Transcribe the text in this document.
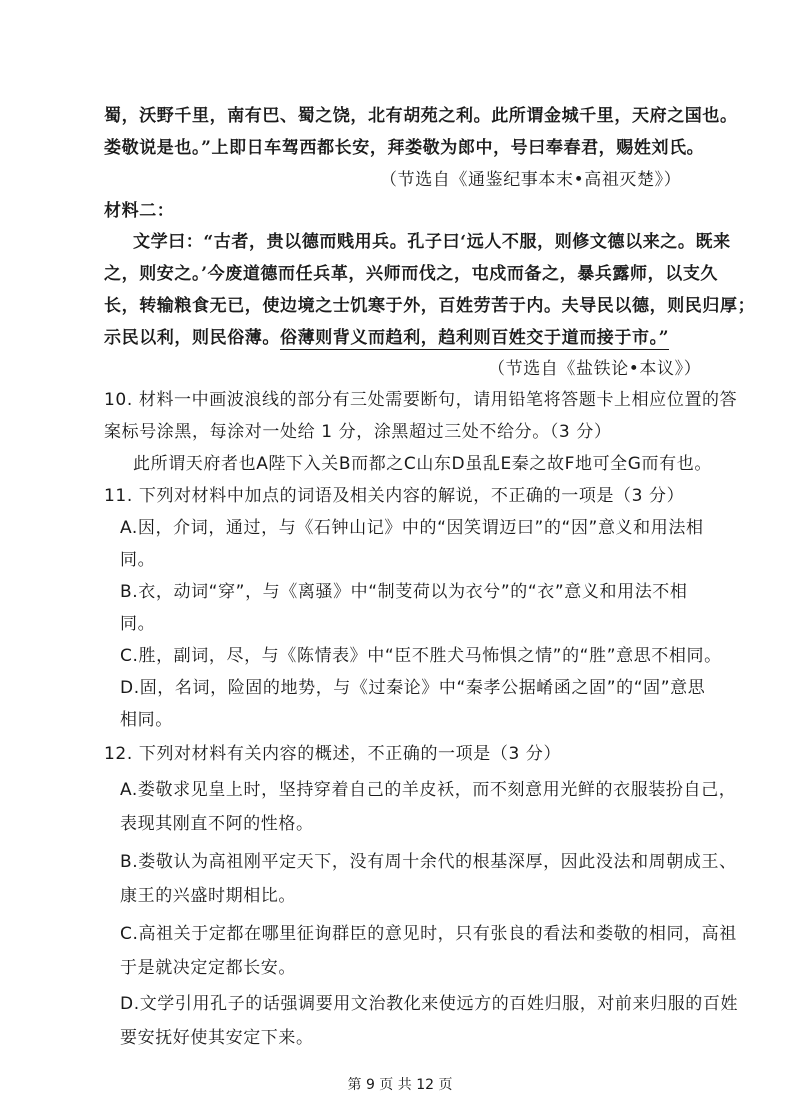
蜀，沃野千里，南有巴、蜀之饶，北有胡苑之利。此所谓金城千里，天府之国也。
娄敬说是也。”上即日车驾西都长安，拜娄敬为郎中，号曰奉春君，赐姓刘氏。
（节选自《通鉴纪事本末•高祖灭楚》）
材料二：
文学曰：“古者，贵以德而贱用兵。孔子曰‘远人不服，则修文德以来之。既来
之，则安之。’今废道德而任兵革，兴师而伐之，屯戍而备之，暴兵露师，以支久
长，转输粮食无已，使边境之士饥寒于外，百姓劳苦于内。夫导民以德，则民归厚；
示民以利，则民俗薄。俗薄则背义而趋利，趋利则百姓交于道而接于市。”
（节选自《盐铁论•本议》）
10. 材料一中画波浪线的部分有三处需要断句，请用铅笔将答题卡上相应位置的答
案标号涂黑，每涂对一处给 1 分，涂黑超过三处不给分。（3 分）
此所谓天府者也A陛下入关B而都之C山东D虽乱E秦之故F地可全G而有也。
11. 下列对材料中加点的词语及相关内容的解说，不正确的一项是（3 分）
A.因，介词，通过，与《石钟山记》中的“因笑谓迈曰”的“因”意义和用法相
同。
B.衣，动词“穿”，与《离骚》中“制芰荷以为衣兮”的“衣”意义和用法不相
同。
C.胜，副词，尽，与《陈情表》中“臣不胜犬马怖惧之情”的“胜”意思不相同。
D.固，名词，险固的地势，与《过秦论》中“秦孝公据崤函之固”的“固”意思
相同。
12. 下列对材料有关内容的概述，不正确的一项是（3 分）
A.娄敬求见皇上时，坚持穿着自己的羊皮袄，而不刻意用光鲜的衣服装扮自己，
表现其刚直不阿的性格。
B.娄敬认为高祖刚平定天下，没有周十余代的根基深厚，因此没法和周朝成王、
康王的兴盛时期相比。
C.高祖关于定都在哪里征询群臣的意见时，只有张良的看法和娄敬的相同，高祖
于是就决定定都长安。
D.文学引用孔子的话强调要用文治教化来使远方的百姓归服，对前来归服的百姓
要安抚好使其安定下来。
第 9 页 共 12 页
